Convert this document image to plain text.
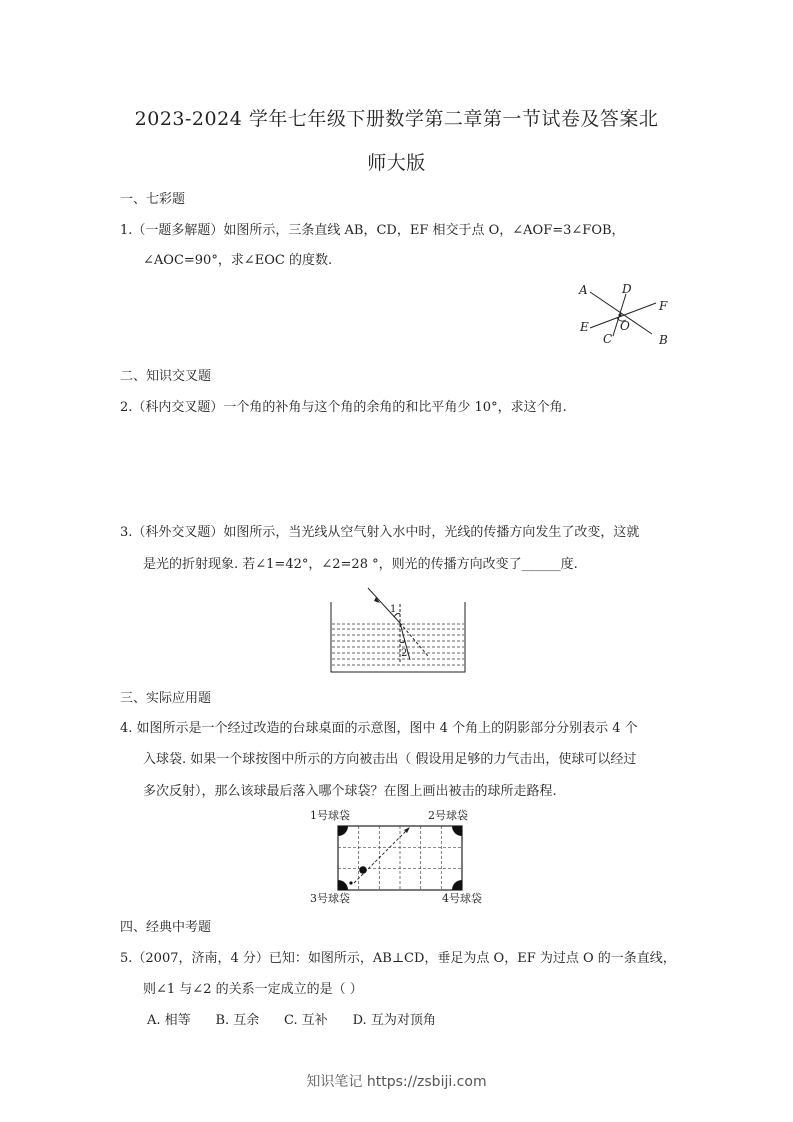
2023-2024 学年七年级下册数学第二章第一节试卷及答案北
师大版
一、七彩题
1.（一题多解题）如图所示，三条直线 AB，CD，EF 相交于点 O，∠AOF=3∠FOB，
∠AOC=90°，求∠EOC 的度数.
A	D
F
E	O
C	B
二、知识交叉题
2.（科内交叉题）一个角的补角与这个角的余角的和比平角少 10°，求这个角.
3.（科外交叉题）如图所示，当光线从空气射入水中时，光线的传播方向发生了改变，这就
是光的折射现象. 若∠1=42°，∠2=28 °，则光的传播方向改变了______度.
1
2
三、实际应用题
4. 如图所示是一个经过改造的台球桌面的示意图，图中 4 个角上的阴影部分分别表示 4 个
入球袋. 如果一个球按图中所示的方向被击出（ 假设用足够的力气击出，使球可以经过
多次反射），那么该球最后落入哪个球袋？在图上画出被击的球所走路程.
1号球袋	2号球袋
3号球袋	4号球袋
四、经典中考题
5.（2007，济南，4 分）已知：如图所示，AB⊥CD，垂足为点 O，EF 为过点 O 的一条直线，
则∠1 与∠2 的关系一定成立的是（ ）
A. 相等      B. 互余      C. 互补      D. 互为对顶角
知识笔记 https://zsbiji.com
